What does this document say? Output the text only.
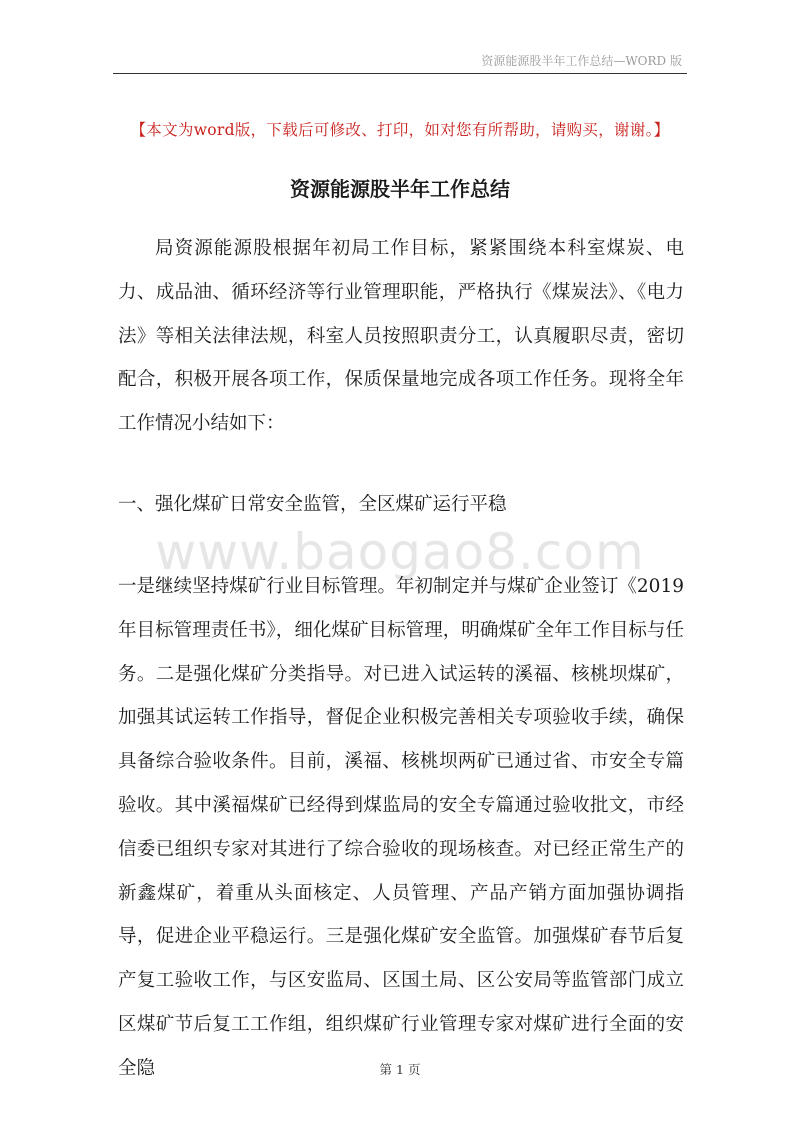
资源能源股半年工作总结—WORD 版
【本文为word版，下载后可修改、打印，如对您有所帮助，请购买，谢谢。】
资源能源股半年工作总结

局资源能源股根据年初局工作目标，紧紧围绕本科室煤炭、电力、成品油、循环经济等行业管理职能，严格执行《煤炭法》、《电力法》等相关法律法规，科室人员按照职责分工，认真履职尽责，密切配合，积极开展各项工作，保质保量地完成各项工作任务。现将全年工作情况小结如下：

一、强化煤矿日常安全监管，全区煤矿运行平稳

www.baogao8.com

一是继续坚持煤矿行业目标管理。年初制定并与煤矿企业签订《2019年目标管理责任书》，细化煤矿目标管理，明确煤矿全年工作目标与任务。二是强化煤矿分类指导。对已进入试运转的溪福、核桃坝煤矿，加强其试运转工作指导，督促企业积极完善相关专项验收手续，确保具备综合验收条件。目前，溪福、核桃坝两矿已通过省、市安全专篇验收。其中溪福煤矿已经得到煤监局的安全专篇通过验收批文，市经信委已组织专家对其进行了综合验收的现场核查。对已经正常生产的新鑫煤矿，着重从头面核定、人员管理、产品产销方面加强协调指导，促进企业平稳运行。三是强化煤矿安全监管。加强煤矿春节后复产复工验收工作，与区安监局、区国土局、区公安局等监管部门成立区煤矿节后复工工作组，组织煤矿行业管理专家对煤矿进行全面的安全隐	第 1 页
